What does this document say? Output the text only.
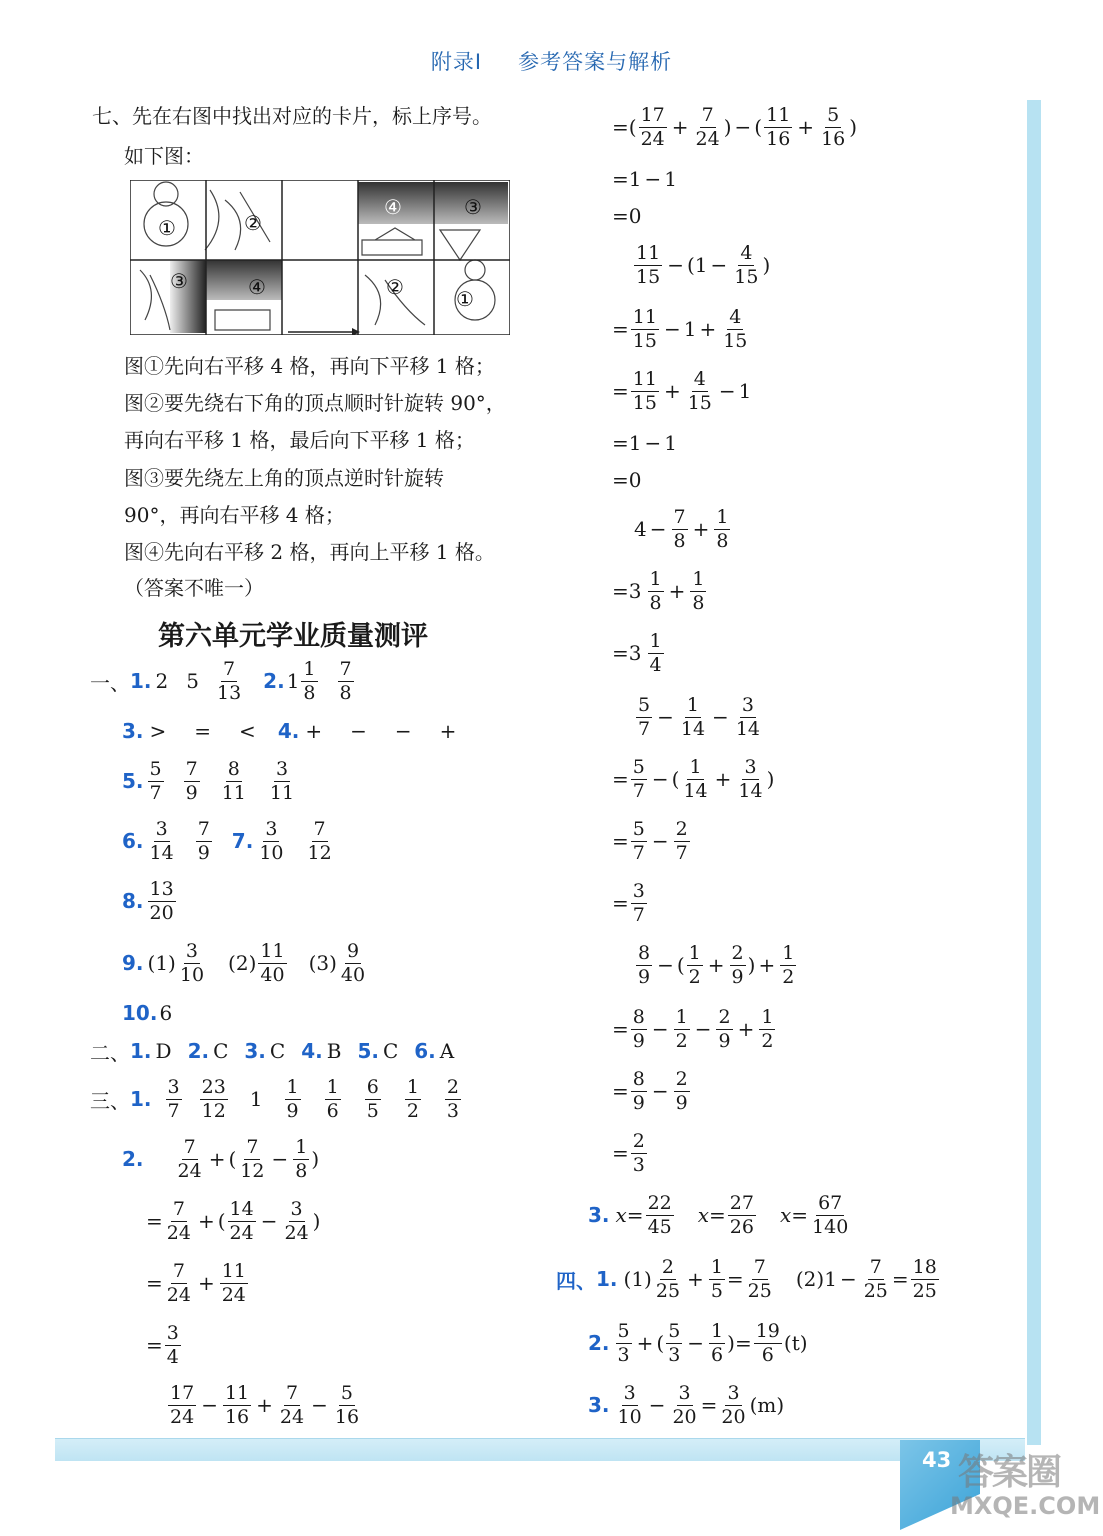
附录Ⅰ 参考答案与解析
43 答案圈
MXQE.COM
七、先在右图中找出对应的卡片，标上序号。
如下图：
①	②
④	③
③	④	②	①
图①先向右平移 4 格，再向下平移 1 格；
图②要先绕右下角的顶点顺时针旋转 90°，
再向右平移 1 格，最后向下平移 1 格；
图③要先绕左上角的顶点逆时针旋转
90°，再向右平移 4 格；
图④先向右平移 2 格，再向上平移 1 格。
（答案不唯一）
第六单元学业质量测评
一、 1. 2 5
7
13 2. 1
1
8
7
8
3. > = < 4. + − − +
5.
5
7
7
9
8
11
3
11
6.
3
14
7
9 7.
3
10
7
12
8.
13
20
9. (1)
3
10 (2)
11
40 (3)
9
40
10. 6
二、 1. D 2. C 3. C 4. B 5. C 6. A
三、 1.
3
7
23
12 1
1
9
1
6
6
5
1
2
2
3
2.
7
24 + (
7
$12 - \frac{1}{8}$ )
= $\frac{7}{24}$ + (
14
$24 - \frac{3}{24}$ )
= $\frac{7}{24} + \frac{11}{24}$
= $\frac{3}{4}$
17
$24 - \frac{11}{16} + \frac{7}{24} - \frac{5}{16}$
= (
17
$24 + \frac{7}{24}$ ) − (
11
$16 + \frac{5}{16}$ )
= 1 − 1
= 0
11
15 − ( $1 - \frac{4}{15}$ )
= $\frac{11}{15} - 1 + \frac{4}{15}$
= $\frac{11}{15} + \frac{4}{15} - 1$
= 1 − 1
= 0
$4 - \frac{7}{8} + \frac{1}{8}$
= 3
1
$8 + \frac{1}{8}$
= 3
1
4
5
$7 - \frac{1}{14} - \frac{3}{14}$
= $\frac{5}{7}$ − (
1
$14 + \frac{3}{14}$ )
= $\frac{5}{7} - \frac{2}{7}$
= $\frac{3}{7}$
8
9 − (
1
$2 + \frac{2}{9}$ ) + $\frac{1}{2}$
= $\frac{8}{9} - \frac{1}{2} - \frac{2}{9} + \frac{1}{2}$
= $\frac{8}{9} - \frac{2}{9}$
= $\frac{2}{3}$
3. $x = \frac{22}{45}$ $x = \frac{27}{26}$ $x = \frac{67}{140}$
四、 1. (1)
2
$25 + \frac{1}{5} = \frac{7}{25} (2) 1 - \frac{7}{25} = \frac{18}{25}$
2.
5
3 + (
5
$3 - \frac{1}{6}$ ) = $\frac{19}{6} (t)$
3.
3
$10 - \frac{3}{20} = \frac{3}{20} (m)$
